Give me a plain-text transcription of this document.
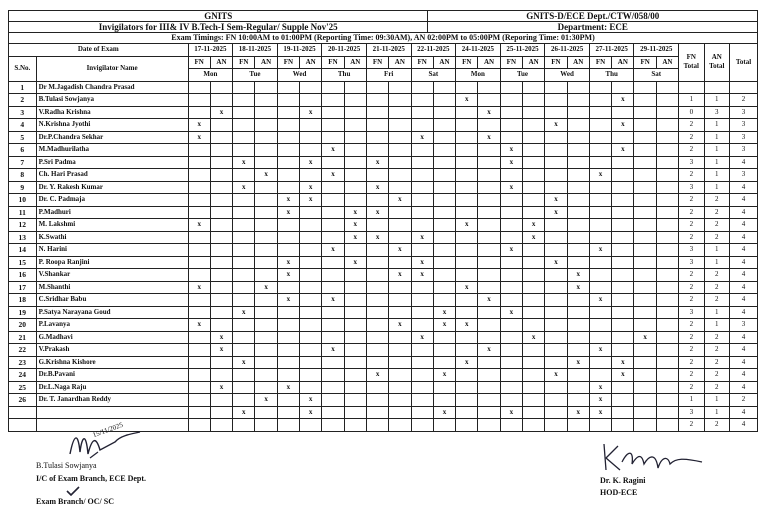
GNITS	GNITS-D/ECE Dept./CTW/058/00
Invigilators for III& IV B.Tech-I Sem-Regular/ Supple Nov'25	Department: ECE
Exam Timings: FN 10:00AM to 01:00PM (Reporting Time: 09:30AM), AN 02:00PM to 05:00PM (Reporing Time: 01:30PM)	
Date of Exam		17-11-2025		18-11-2025		19-11-2025		20-11-2025		21-11-2025		22-11-2025		24-11-2025		25-11-2025		26-11-2025		27-11-2025		29-11-2025		FN Total	AN Total	Total
S.No.	Invigilator Name	FN	AN	FN	AN	FN	AN	FN	AN	FN	AN	FN	AN	FN	AN	FN	AN	FN	AN	FN	AN	FN	AN			
		Mon		Tue		Wed		Thu		Fri		Sat		Mon		Tue		Wed		Thu		Sat				
1	Dr M.Jagadish Chandra Prasad																									
2	B.Tulasi Sowjanya													x							x			1	1	2
3	V.Radha Krishna		x				x								x									0	3	3
4	N.Krishna Jyothi	x																x			x			2	1	3
5	Dr.P.Chandra Sekhar	x										x			x									2	1	3
6	M.Madhurilatha							x								x					x			2	1	3
7	P.Sri Padma			x			x			x						x								3	1	4
8	Ch. Hari Prasad				x			x												x				2	1	3
9	Dr. Y. Rakesh Kumar			x			x			x						x								3	1	4
10	Dr. C. Padmaja					x	x				x							x						2	2	4
11	P.Madhuri					x			x	x								x						2	2	4
12	M. Lakshmi	x							x					x			x							2	2	4
13	K.Swathi								x	x		x					x							2	2	4
14	N. Harini							x			x					x				x				3	1	4
15	P. Roopa Ranjini					x			x			x						x						3	1	4
16	V.Shankar					x					x	x							x					2	2	4
17	M.Shanthi	x			x									x					x					2	2	4
18	C.Sridhar Babu					x		x							x					x				2	2	4
19	P.Satya Narayana Goud			x									x			x								3	1	4
20	P.Lavanya	x									x		x	x										2	1	3
21	G.Madhavi		x									x					x					x		2	2	4
22	V.Prakash		x					x							x					x				2	2	4
23	G.Krishna Kishore			x										x					x		x			2	2	4
24	Dr.B.Pavani									x			x					x			x			2	2	4
25	Dr.L.Naga Raju		x			x														x				2	2	4
26	Dr. T. Janardhan Reddy				x		x													x				1	1	2
				x			x						x			x			x	x				3	1	4
																								2	2	4
15/11/2025
B.Tulasi Sowjanya
I/C of Exam Branch, ECE Dept.
Exam Branch/ OC/ SC
Dr. K. Ragini
HOD-ECE
